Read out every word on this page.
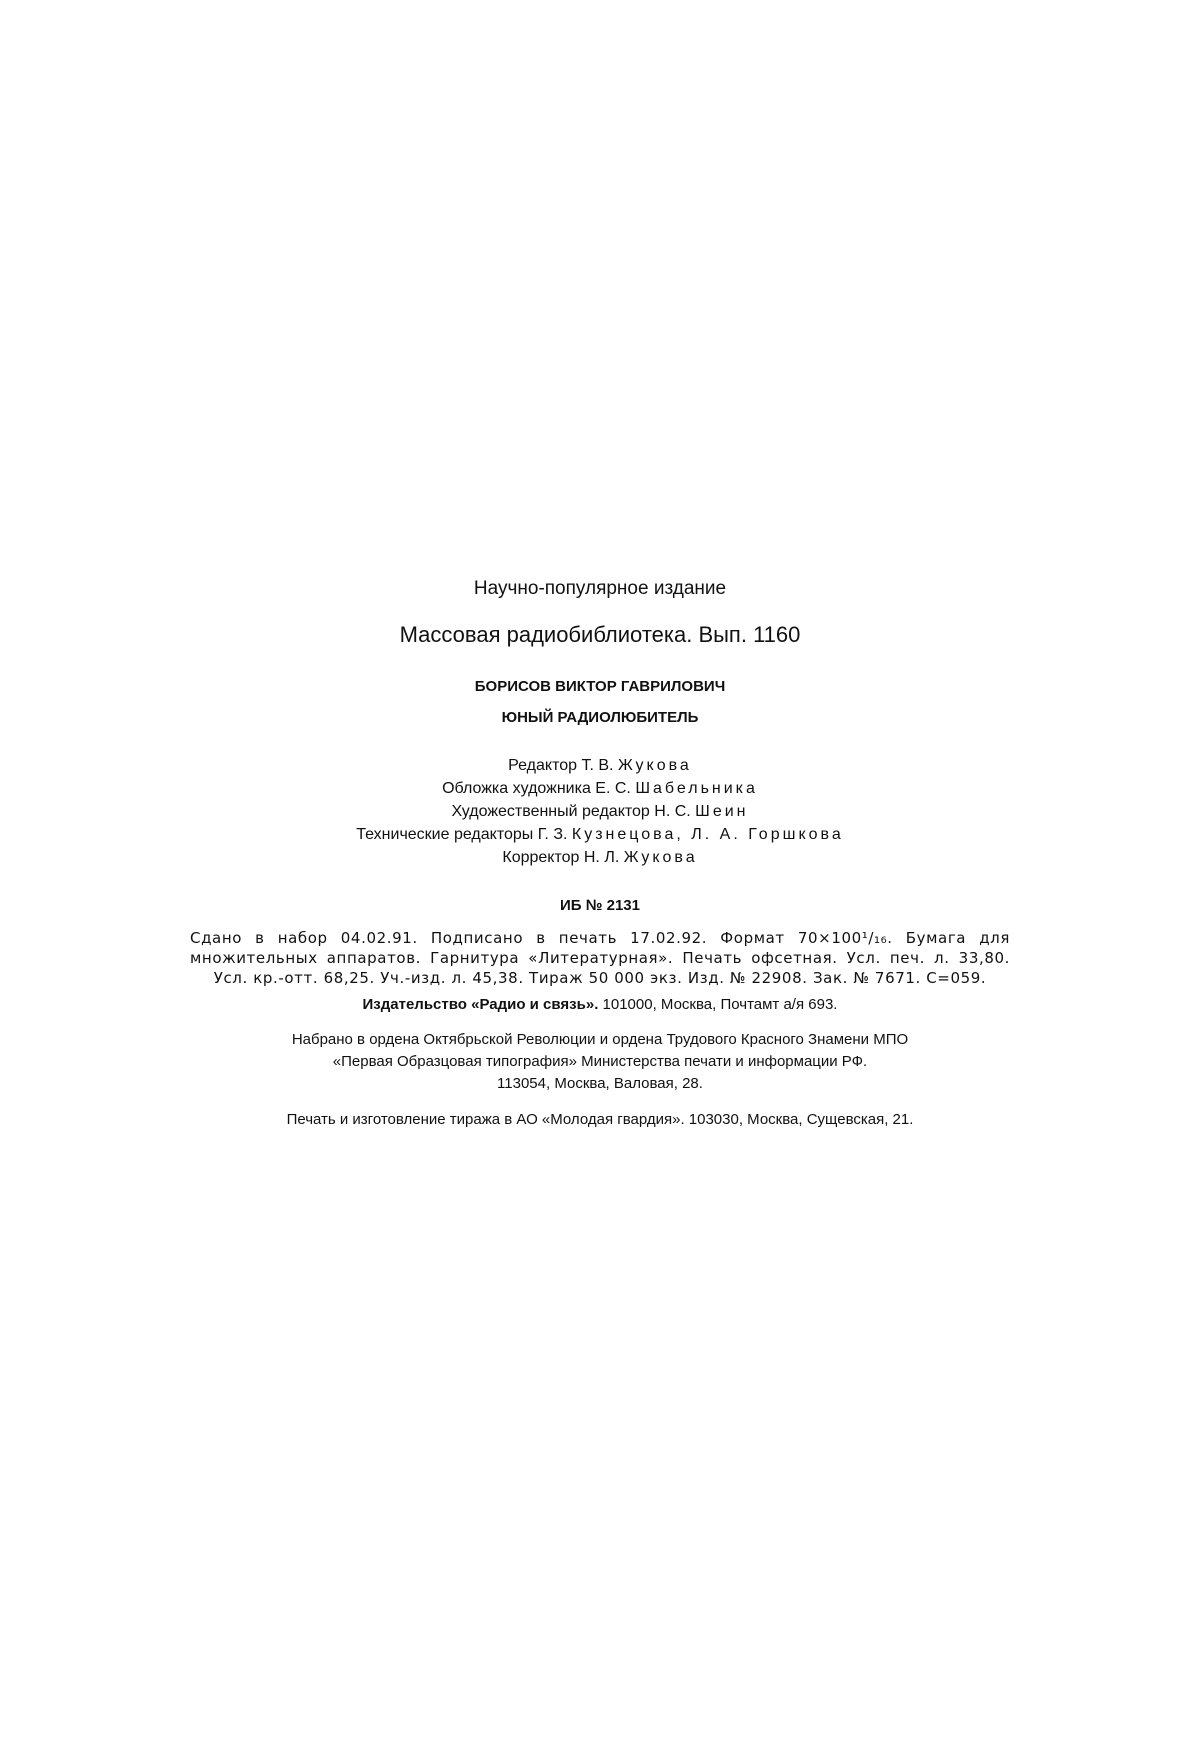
Научно-популярное издание
Массовая радиобиблиотека. Вып. 1160
БОРИСОВ ВИКТОР ГАВРИЛОВИЧ
ЮНЫЙ РАДИОЛЮБИТЕЛЬ
Редактор Т. В. Жукова
Обложка художника Е. С. Шабельника
Художественный редактор Н. С. Шеин
Технические редакторы Г. З. Кузнецова, Л. А. Горшкова
Корректор Н. Л. Жукова
ИБ № 2131
Сдано в набор 04.02.91. Подписано в печать 17.02.92. Формат 70×100¹/₁₆. Бумага для множительных аппаратов. Гарнитура «Литературная». Печать офсетная. Усл. печ. л. 33,80. Усл. кр.-отт. 68,25. Уч.-изд. л. 45,38. Тираж 50 000 экз. Изд. № 22908. Зак. № 7671. С=059.
Издательство «Радио и связь». 101000, Москва, Почтамт а/я 693.
Набрано в ордена Октябрьской Революции и ордена Трудового Красного Знамени МПО
«Первая Образцовая типография» Министерства печати и информации РФ.
113054, Москва, Валовая, 28.
Печать и изготовление тиража в АО «Молодая гвардия». 103030, Москва, Сущевская, 21.
